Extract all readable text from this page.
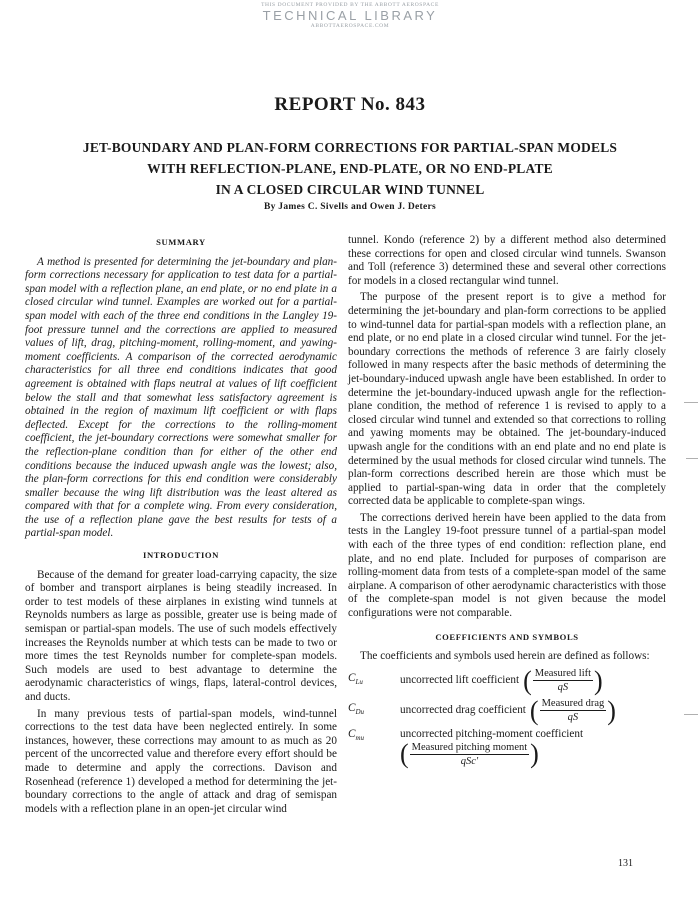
THIS DOCUMENT PROVIDED BY THE ABBOTT AEROSPACE
TECHNICAL LIBRARY
ABBOTTAEROSPACE.COM
REPORT No. 843
JET-BOUNDARY AND PLAN-FORM CORRECTIONS FOR PARTIAL-SPAN MODELS
WITH REFLECTION-PLANE, END-PLATE, OR NO END-PLATE
IN A CLOSED CIRCULAR WIND TUNNEL
By James C. Sivells and Owen J. Deters
SUMMARY

A method is presented for determining the jet-boundary and plan-form corrections necessary for application to test data for a partial-span model with a reflection plane, an end plate, or no end plate in a closed circular wind tunnel. Examples are worked out for a partial-span model with each of the three end conditions in the Langley 19-foot pressure tunnel and the corrections are applied to measured values of lift, drag, pitching-moment, rolling-moment, and yawing-moment coefficients. A comparison of the corrected aerodynamic characteristics for all three end conditions indicates that good agreement is obtained with flaps neutral at values of lift coefficient below the stall and that somewhat less satisfactory agreement is obtained in the region of maximum lift coefficient or with flaps deflected. Except for the corrections to the rolling-moment coefficient, the jet-boundary corrections were somewhat smaller for the reflection-plane condition than for either of the other end conditions because the induced upwash angle was the lowest; also, the plan-form corrections for this end condition were considerably smaller because the wing lift distribution was the least altered as compared with that for a complete wing. From every consideration, the use of a reflection plane gave the best results for tests of a partial-span model.

INTRODUCTION

Because of the demand for greater load-carrying capacity, the size of bomber and transport airplanes is being steadily increased. In order to test models of these airplanes in existing wind tunnels at Reynolds numbers as large as possible, greater use is being made of semispan or partial-span models. The use of such models effectively increases the Reynolds number at which tests can be made to two or more times the test Reynolds number for complete-span models. Such models are used to best advantage to determine the aerodynamic characteristics of wings, flaps, lateral-control devices, and ducts.

In many previous tests of partial-span models, wind-tunnel corrections to the test data have been neglected entirely. In some instances, however, these corrections may amount to as much as 20 percent of the uncorrected value and therefore every effort should be made to determine and apply the corrections. Davison and Rosenhead (reference 1) developed a method for determining the jet-boundary corrections to the angle of attack and drag of semispan models with a reflection plane in an open-jet circular wind

tunnel. Kondo (reference 2) by a different method also determined these corrections for open and closed circular wind tunnels. Swanson and Toll (reference 3) determined these and several other corrections for models in a closed rectangular wind tunnel.

The purpose of the present report is to give a method for determining the jet-boundary and plan-form corrections to be applied to wind-tunnel data for partial-span models with a reflection plane, an end plate, or no end plate in a closed circular wind tunnel. For the jet-boundary corrections the methods of reference 3 are fairly closely followed in many respects after the basic methods of determining the jet-boundary-induced upwash angle have been established. In order to determine the jet-boundary-induced upwash angle for the reflection-plane condition, the method of reference 1 is revised to apply to a closed circular wind tunnel and extended so that corrections to rolling and yawing moments may be obtained. The jet-boundary-induced upwash angle for the conditions with an end plate and no end plate is determined by the usual methods for closed circular wind tunnels. The plan-form corrections described herein are those which must be applied to partial-span-wing data in order that the completely corrected data be applicable to complete-span wings.

The corrections derived herein have been applied to the data from tests in the Langley 19-foot pressure tunnel of a partial-span model with each of the three types of end condition: reflection plane, end plate, and no end plate. Included for purposes of comparison are rolling-moment data from tests of a complete-span model of the same airplane. A comparison of other aerodynamic characteristics with those of the complete-span model is not given because the model configurations were not comparable.

COEFFICIENTS AND SYMBOLS

The coefficients and symbols used herein are defined as follows:

$C_{Lu}$	uncorrected lift coefficient ( $\frac{\text{Measured lift}}{qS}$ )
$C_{Du}$	uncorrected drag coefficient ( $\frac{\text{Measured drag}}{qS}$ )
$C_{mu}$	uncorrected pitching-moment coefficient
( $\frac{\text{Measured pitching moment}}{\text{qSc'}}$ )
131
